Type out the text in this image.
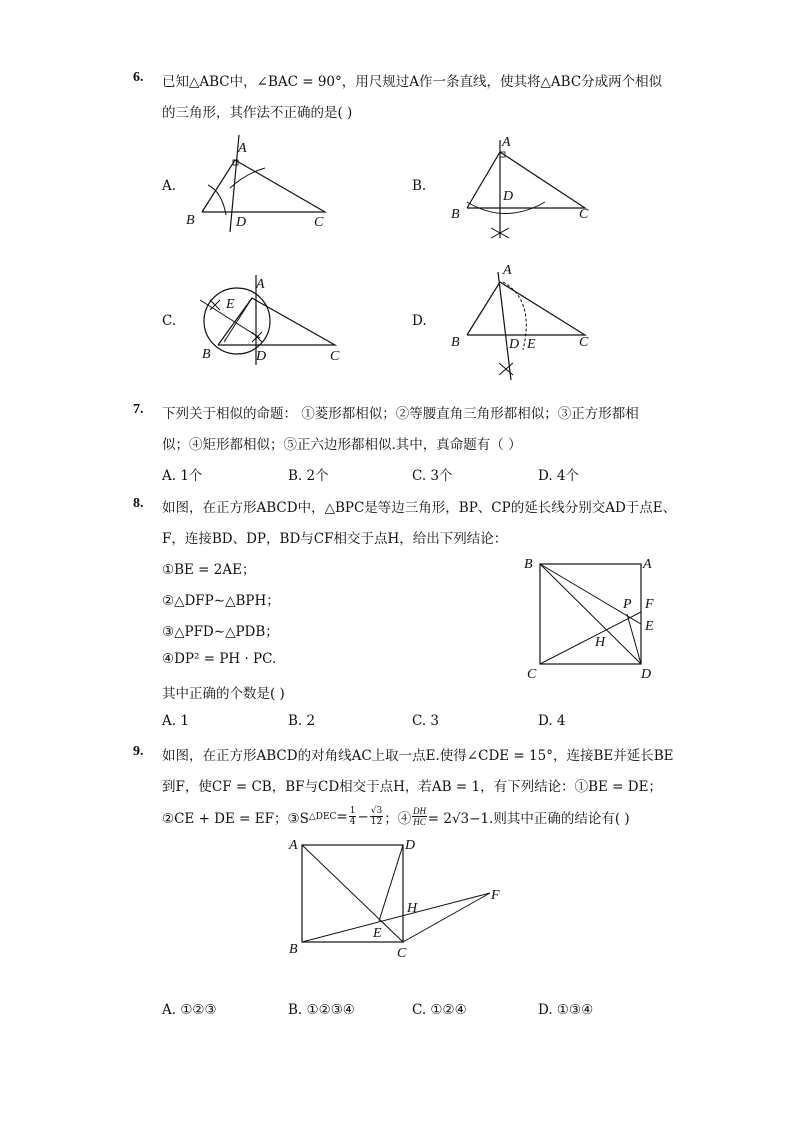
6. 已知△ABC中，∠BAC = 90°，用尺规过A作一条直线，使其将△ABC分成两个相似
的三角形，其作法不正确的是( )
A.	B.
C.	D.
A
B	D	C
A
B
D
C
A
E
B	D	C
A
B	D E	C
7. 下列关于相似的命题： ①菱形都相似；②等腰直角三角形都相似；③正方形都相
似；④矩形都相似；⑤正六边形都相似.其中，真命题有（ ）
A. 1个	B. 2个	C. 3个	D. 4个
8. 如图，在正方形ABCD中，△BPC是等边三角形，BP、CP的延长线分别交AD于点E、
F，连接BD、DP，BD与CF相交于点H，给出下列结论：
①BE = 2AE；
②△DFP∼△BPH；
③△PFD∼△PDB；
④DP² = PH · PC.
其中正确的个数是( )
A. 1	B. 2	C. 3	D. 4
B	A
P F
E
H
C	D
9. 如图，在正方形ABCD的对角线AC上取一点E.使得∠CDE = 15°，连接BE并延长BE
到F，使CF = CB，BF与CD相交于点H，若AB = 1，有下列结论：①BE = DE；
②CE + DE = EF；③S △DEC = $\frac{1}{4} - \frac{√3}{12}$ ；④ $\frac{DH}{HC} = 2√3-1$.则其中正确的结论有( )
A	D
H
F
E
B	C
A. ①②③	B. ①②③④	C. ①②④	D. ①③④
